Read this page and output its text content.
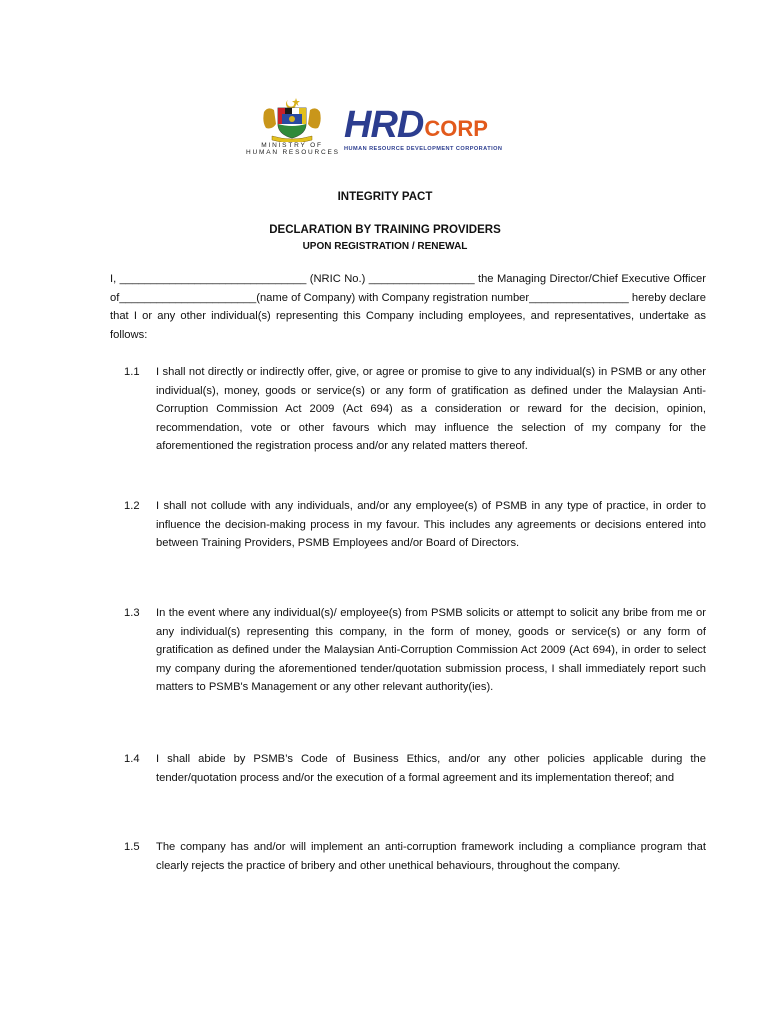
MINISTRY OF
HUMAN RESOURCES
HRD CORP
HUMAN RESOURCE DEVELOPMENT CORPORATION
INTEGRITY PACT
DECLARATION BY TRAINING PROVIDERS
UPON REGISTRATION / RENEWAL
I, ______________________________ (NRIC No.) _________________ the Managing Director/Chief Executive Officer of______________________(name of Company) with Company registration number________________ hereby declare that I or any other individual(s) representing this Company including employees, and representatives, undertake as follows:
1.1	I shall not directly or indirectly offer, give, or agree or promise to give to any individual(s) in PSMB or any other individual(s), money, goods or service(s) or any form of gratification as defined under the Malaysian Anti-Corruption Commission Act 2009 (Act 694) as a consideration or reward for the decision, opinion, recommendation, vote or other favours which may influence the selection of my company for the aforementioned the registration process and/or any related matters thereof.
1.2	I shall not collude with any individuals, and/or any employee(s) of PSMB in any type of practice, in order to influence the decision-making process in my favour. This includes any agreements or decisions entered into between Training Providers, PSMB Employees and/or Board of Directors.
1.3	In the event where any individual(s)/ employee(s) from PSMB solicits or attempt to solicit any bribe from me or any individual(s) representing this company, in the form of money, goods or service(s) or any form of gratification as defined under the Malaysian Anti-Corruption Commission Act 2009 (Act 694), in order to select my company during the aforementioned tender/quotation submission process, I shall immediately report such matters to PSMB's Management or any other relevant authority(ies).
1.4	I shall abide by PSMB’s Code of Business Ethics, and/or any other policies applicable during the tender/quotation process and/or the execution of a formal agreement and its implementation thereof; and
1.5	The company has and/or will implement an anti-corruption framework including a compliance program that clearly rejects the practice of bribery and other unethical behaviours, throughout the company.
